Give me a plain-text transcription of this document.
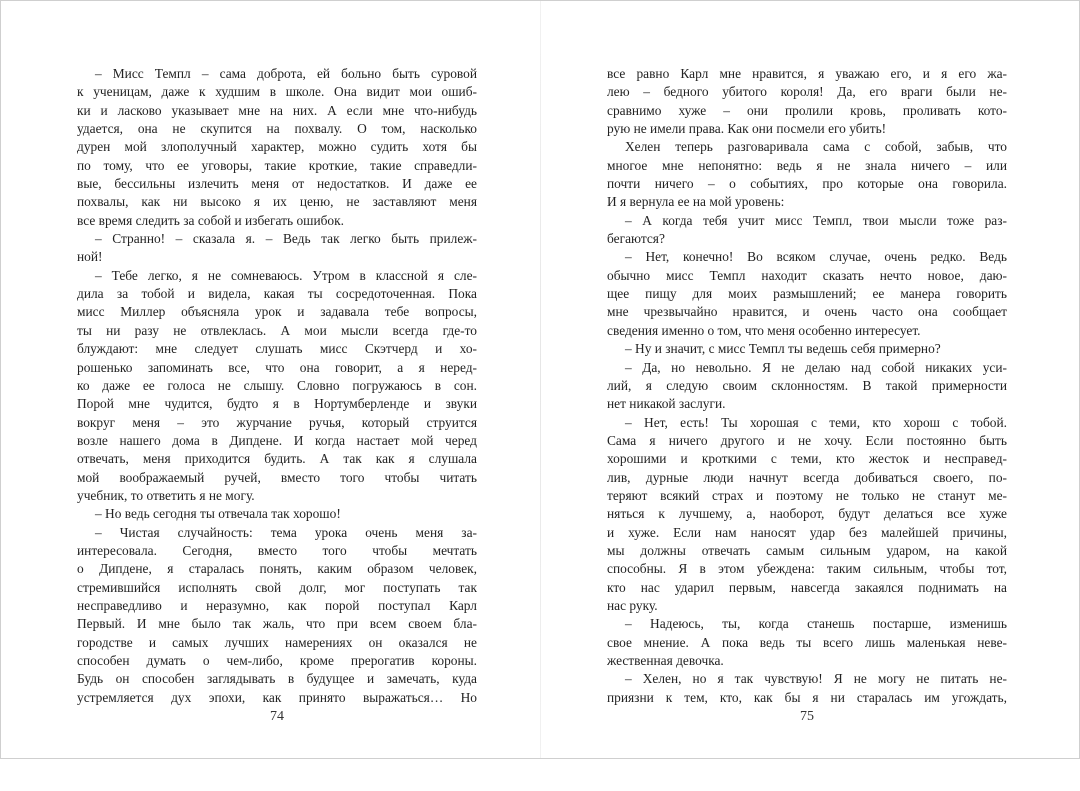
– Мисс Темпл – сама доброта, ей больно быть суровой
к ученицам, даже к худшим в школе. Она видит мои ошиб-
ки и ласково указывает мне на них. А если мне что-нибудь
удается, она не скупится на похвалу. О том, насколько
дурен мой злополучный характер, можно судить хотя бы
по тому, что ее уговоры, такие кроткие, такие справедли-
вые, бессильны излечить меня от недостатков. И даже ее
похвалы, как ни высоко я их ценю, не заставляют меня
все время следить за собой и избегать ошибок.
– Странно! – сказала я. – Ведь так легко быть прилеж-
ной!
– Тебе легко, я не сомневаюсь. Утром в классной я сле-
дила за тобой и видела, какая ты сосредоточенная. Пока
мисс Миллер объясняла урок и задавала тебе вопросы,
ты ни разу не отвлеклась. А мои мысли всегда где-то
блуждают: мне следует слушать мисс Скэтчерд и хо-
рошенько запоминать все, что она говорит, а я неред-
ко даже ее голоса не слышу. Словно погружаюсь в сон.
Порой мне чудится, будто я в Нортумберленде и звуки
вокруг меня – это журчание ручья, который струится
возле нашего дома в Дипдене. И когда настает мой черед
отвечать, меня приходится будить. А так как я слушала
мой воображаемый ручей, вместо того чтобы читать
учебник, то ответить я не могу.
– Но ведь сегодня ты отвечала так хорошо!
– Чистая случайность: тема урока очень меня за-
интересовала. Сегодня, вместо того чтобы мечтать
о Дипдене, я старалась понять, каким образом человек,
стремившийся исполнять свой долг, мог поступать так
несправедливо и неразумно, как порой поступал Карл
Первый. И мне было так жаль, что при всем своем бла-
городстве и самых лучших намерениях он оказался не
способен думать о чем-либо, кроме прерогатив короны.
Будь он способен заглядывать в будущее и замечать, куда
устремляется дух эпохи, как принято выражаться… Но
74
все равно Карл мне нравится, я уважаю его, и я его жа-
лею – бедного убитого короля! Да, его враги были не-
сравнимо хуже – они пролили кровь, проливать кото-
рую не имели права. Как они посмели его убить!
Хелен теперь разговаривала сама с собой, забыв, что
многое мне непонятно: ведь я не знала ничего – или
почти ничего – о событиях, про которые она говорила.
И я вернула ее на мой уровень:
– А когда тебя учит мисс Темпл, твои мысли тоже раз-
бегаются?
– Нет, конечно! Во всяком случае, очень редко. Ведь
обычно мисс Темпл находит сказать нечто новое, даю-
щее пищу для моих размышлений; ее манера говорить
мне чрезвычайно нравится, и очень часто она сообщает
сведения именно о том, что меня особенно интересует.
– Ну и значит, с мисс Темпл ты ведешь себя примерно?
– Да, но невольно. Я не делаю над собой никаких уси-
лий, я следую своим склонностям. В такой примерности
нет никакой заслуги.
– Нет, есть! Ты хорошая с теми, кто хорош с тобой.
Сама я ничего другого и не хочу. Если постоянно быть
хорошими и кроткими с теми, кто жесток и несправед-
лив, дурные люди начнут всегда добиваться своего, по-
теряют всякий страх и поэтому не только не станут ме-
няться к лучшему, а, наоборот, будут делаться все хуже
и хуже. Если нам наносят удар без малейшей причины,
мы должны отвечать самым сильным ударом, на какой
способны. Я в этом убеждена: таким сильным, чтобы тот,
кто нас ударил первым, навсегда закаялся поднимать на
нас руку.
– Надеюсь, ты, когда станешь постарше, изменишь
свое мнение. А пока ведь ты всего лишь маленькая неве-
жественная девочка.
– Хелен, но я так чувствую! Я не могу не питать не-
приязни к тем, кто, как бы я ни старалась им угождать,
75
